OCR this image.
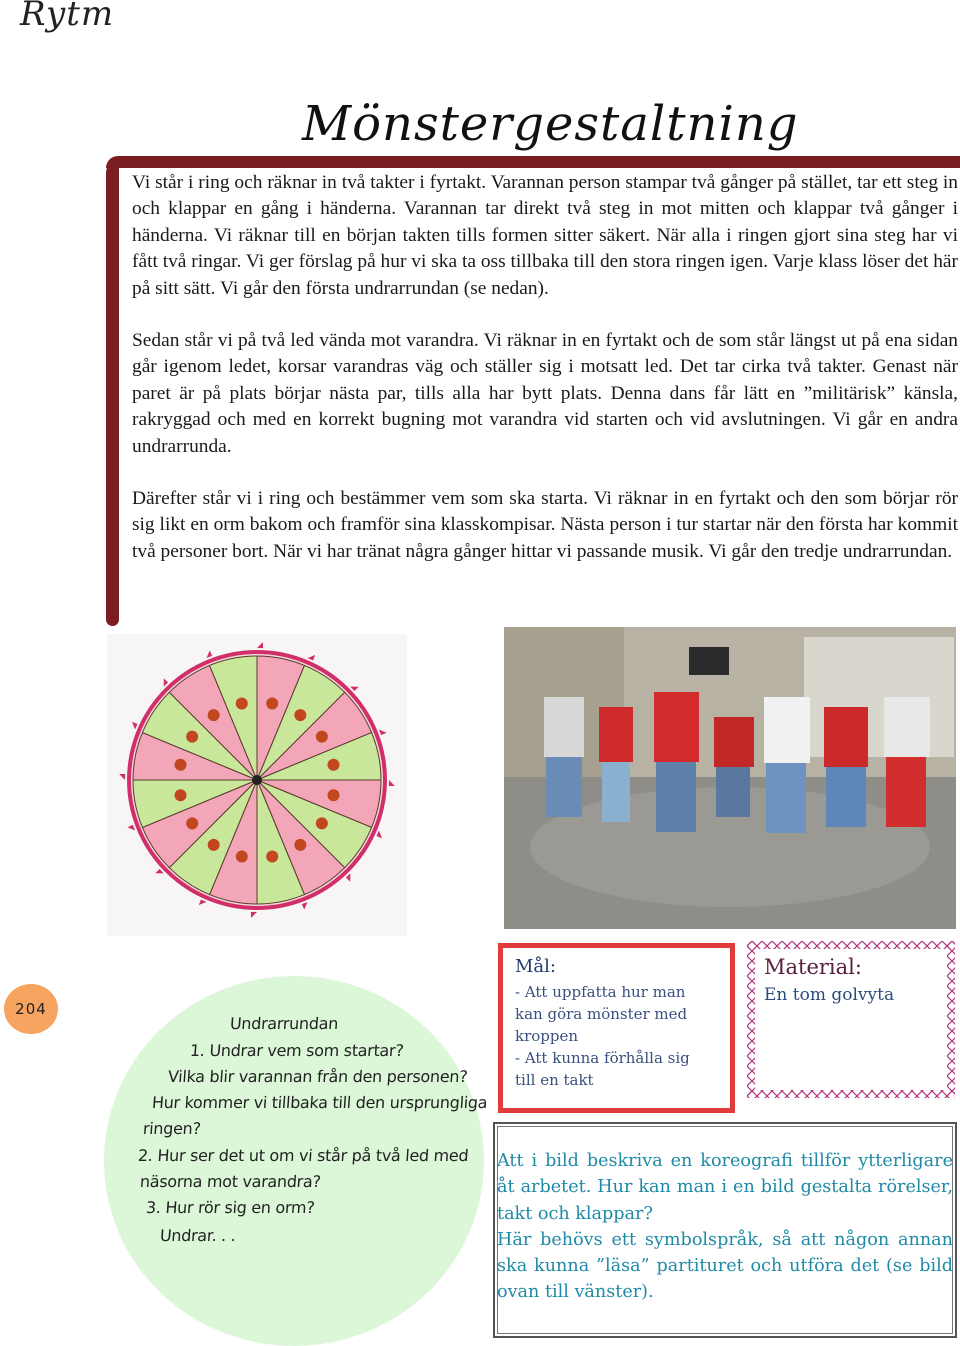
Rytm
Mönstergestaltning

Vi står i ring och räknar in två takter i fyrtakt. Varannan person stampar två gånger på stället, tar ett steg in och klappar en gång i händerna. Varannan tar direkt två steg in mot mitten och klappar två gånger i händerna. Vi räknar till en början takten tills formen sitter säkert. När alla i ringen gjort sina steg har vi fått två ringar. Vi ger förslag på hur vi ska ta oss tillbaka till den stora ringen igen. Varje klass löser det här på sitt sätt. Vi går den första undrarrundan (se nedan).

Sedan står vi på två led vända mot varandra. Vi räknar in en fyrtakt och de som står längst ut på ena sidan går igenom ledet, korsar varandras väg och ställer sig i motsatt led. Det tar cirka två takter. Genast när paret är på plats börjar nästa par, tills alla har bytt plats. Denna dans får lätt en ”militärisk” känsla, rakryggad och med en korrekt bugning mot varandra vid starten och vid avslutningen. Vi går en andra undrarrunda.

Därefter står vi i ring och bestämmer vem som ska starta. Vi räknar in en fyrtakt och den som börjar rör sig likt en orm bakom och framför sina klasskompisar. Nästa person i tur startar när den första har kommit två personer bort. När vi har tränat några gånger hittar vi passande musik. Vi går den tredje undrarrundan.

204
Undrarrundan
1. Undrar vem som startar?
Vilka blir varannan från den personen?
Hur kommer vi tillbaka till den ursprungliga
ringen?
2. Hur ser det ut om vi står på två led med
näsorna mot varandra?
3. Hur rör sig en orm?
Undrar. . .
Mål:
- Att uppfatta hur man
kan göra mönster med
kroppen
- Att kunna förhålla sig
till en takt
Material:
En tom golvyta
Att i bild beskriva en koreografi tillför ytterligare åt arbetet. Hur kan man i en bild gestalta rörelser, takt och klappar?
Här behövs ett symbolspråk, så att någon annan ska kunna ”läsa” partituret och utföra det (se bild ovan till vänster).
